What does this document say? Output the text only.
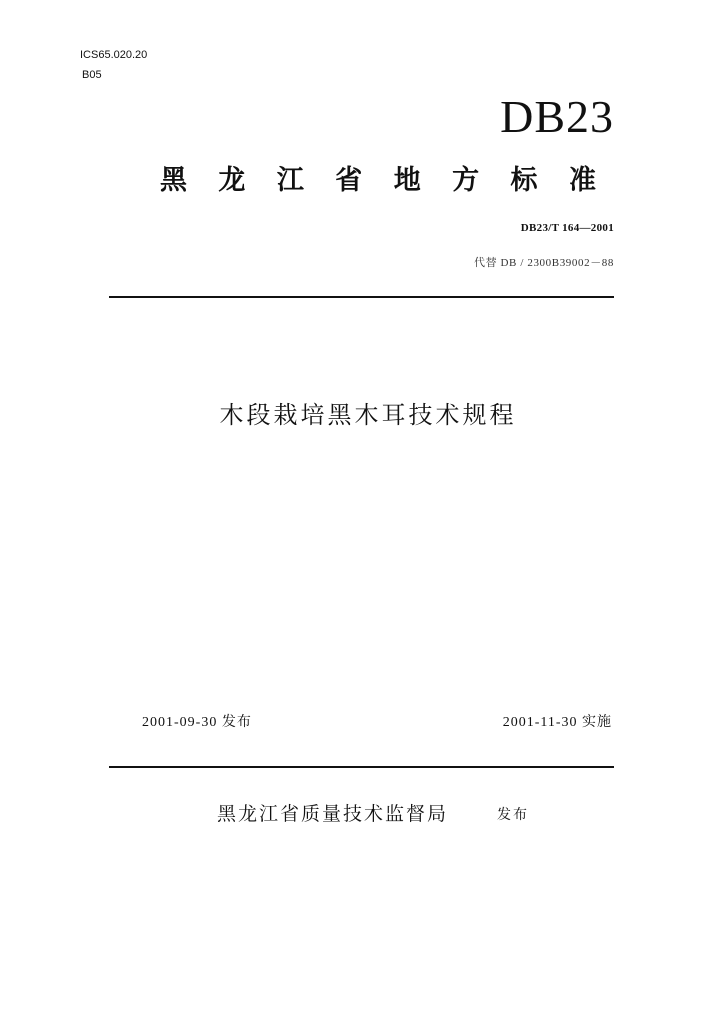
ICS65.020.20
B05
DB23
黑 龙 江 省 地 方 标 准
DB23/T 164—2001
代替 DB / 2300B39002－88
木段栽培黑木耳技术规程
2001-09-30 发布	2001-11-30 实施
黑龙江省质量技术监督局	发布
